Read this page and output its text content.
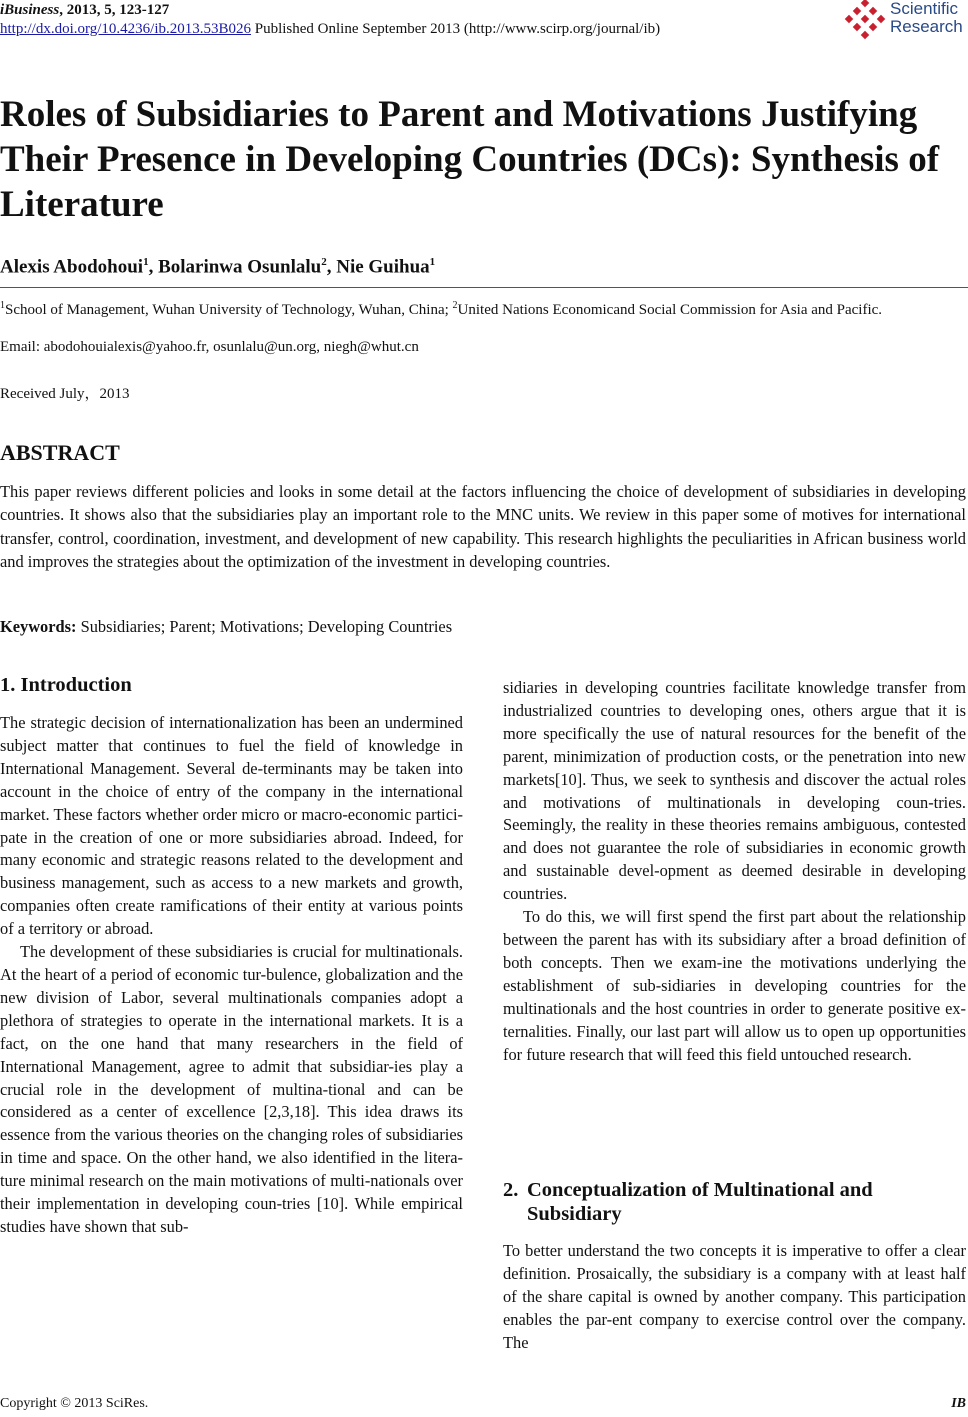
iBusiness, 2013, 5, 123-127
http://dx.doi.org/10.4236/ib.2013.53B026 Published Online September 2013 (http://www.scirp.org/journal/ib)
Scientific
Research
Roles of Subsidiaries to Parent and Motivations Justifying Their Presence in Developing Countries (DCs): Synthesis of Literature
Alexis Abodohoui$^1$, Bolarinwa Osunlalu$^2$, Nie Guihua$^1$
$^1$School of Management, Wuhan University of Technology, Wuhan, China; $^2$United Nations Economicand Social Commission for Asia and Pacific.
Email: abodohouialexis@yahoo.fr, osunlalu@un.org, niegh@whut.cn
Received July，2013
ABSTRACT
This paper reviews different policies and looks in some detail at the factors influencing the choice of development of subsidiaries in developing countries. It shows also that the subsidiaries play an important role to the MNC units. We review in this paper some of motives for international transfer, control, coordination, investment, and development of new capability. This research highlights the peculiarities in African business world and improves the strategies about the optimization of the investment in developing countries.
Keywords: Subsidiaries; Parent; Motivations; Developing Countries
1. Introduction

The strategic decision of internationalization has been an undermined subject matter that continues to fuel the field of knowledge in International Management. Several de-terminants may be taken into account in the choice of entry of the company in the international market. These factors whether order micro or macro-economic partici-pate in the creation of one or more subsidiaries abroad. Indeed, for many economic and strategic reasons related to the development and business management, such as access to a new markets and growth, companies often create ramifications of their entity at various points of a territory or abroad.

The development of these subsidiaries is crucial for multinationals. At the heart of a period of economic tur-bulence, globalization and the new division of Labor, several multinationals companies adopt a plethora of strategies to operate in the international markets. It is a fact, on the one hand that many researchers in the field of International Management, agree to admit that subsidiar-ies play a crucial role in the development of multina-tional and can be considered as a center of excellence [2,3,18]. This idea draws its essence from the various theories on the changing roles of subsidiaries in time and space. On the other hand, we also identified in the litera-ture minimal research on the main motivations of multi-nationals over their implementation in developing coun-tries [10]. While empirical studies have shown that sub-

sidiaries in developing countries facilitate knowledge transfer from industrialized countries to developing ones, others argue that it is more specifically the use of natural resources for the benefit of the parent, minimization of production costs, or the penetration into new markets[10]. Thus, we seek to synthesis and discover the actual roles and motivations of multinationals in developing coun-tries. Seemingly, the reality in these theories remains ambiguous, contested and does not guarantee the role of subsidiaries in economic growth and sustainable devel-opment as deemed desirable in developing countries.

To do this, we will first spend the first part about the relationship between the parent has with its subsidiary after a broad definition of both concepts. Then we exam-ine the motivations underlying the establishment of sub-sidiaries in developing countries for the multinationals and the host countries in order to generate positive ex-ternalities. Finally, our last part will allow us to open up opportunities for future research that will feed this field untouched research.

2. Conceptualization of Multinational and
Subsidiary

To better understand the two concepts it is imperative to offer a clear definition. Prosaically, the subsidiary is a company with at least half of the share capital is owned by another company. This participation enables the par-ent company to exercise control over the company. The

Copyright © 2013 SciRes.	IB
